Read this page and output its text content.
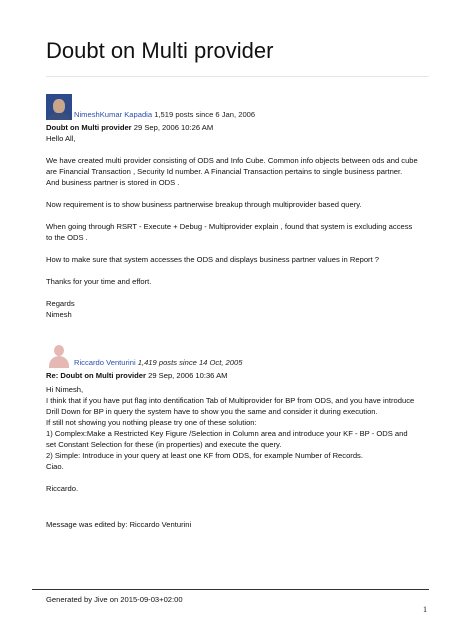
Doubt on Multi provider
NimeshKumar Kapadia 1,519 posts since 6 Jan, 2006
Doubt on Multi provider 29 Sep, 2006 10:26 AM

Hello All,

We have created multi provider consisting of ODS and Info Cube. Common info objects between ods and cube

are Financial Transaction , Security Id number. A Financial Transaction pertains to single business partner.

And business partner is stored in ODS .

Now requirement is to show business partnerwise breakup through multiprovider based query.

When going through RSRT - Execute + Debug - Multiprovider explain , found that system is excluding access

to the ODS .

How to make sure that system accesses the ODS and displays business partner values in Report ?

Thanks for your time and effort.

Regards

Nimesh

Riccardo Venturini 1,419 posts since 14 Oct, 2005
Re: Doubt on Multi provider 29 Sep, 2006 10:36 AM

Hi Nimesh,

I think that if you have put flag into dentification Tab of Multiprovider for BP from ODS, and you have introduce

Drill Down for BP in query the system have to show you the same and consider it during execution.

If still not showing you nothing please try one of these solution:

1) Complex:Make a Restricted Key Figure /Selection in Column area and introduce your KF - BP - ODS and

set Constant Selection for these (in properties) and execute the query.

2) Simple: Introduce in your query at least one KF from ODS, for example Number of Records.

Ciao.

Riccardo.

Message was edited by: Riccardo Venturini

Generated by Jive on 2015-09-03+02:00
1
